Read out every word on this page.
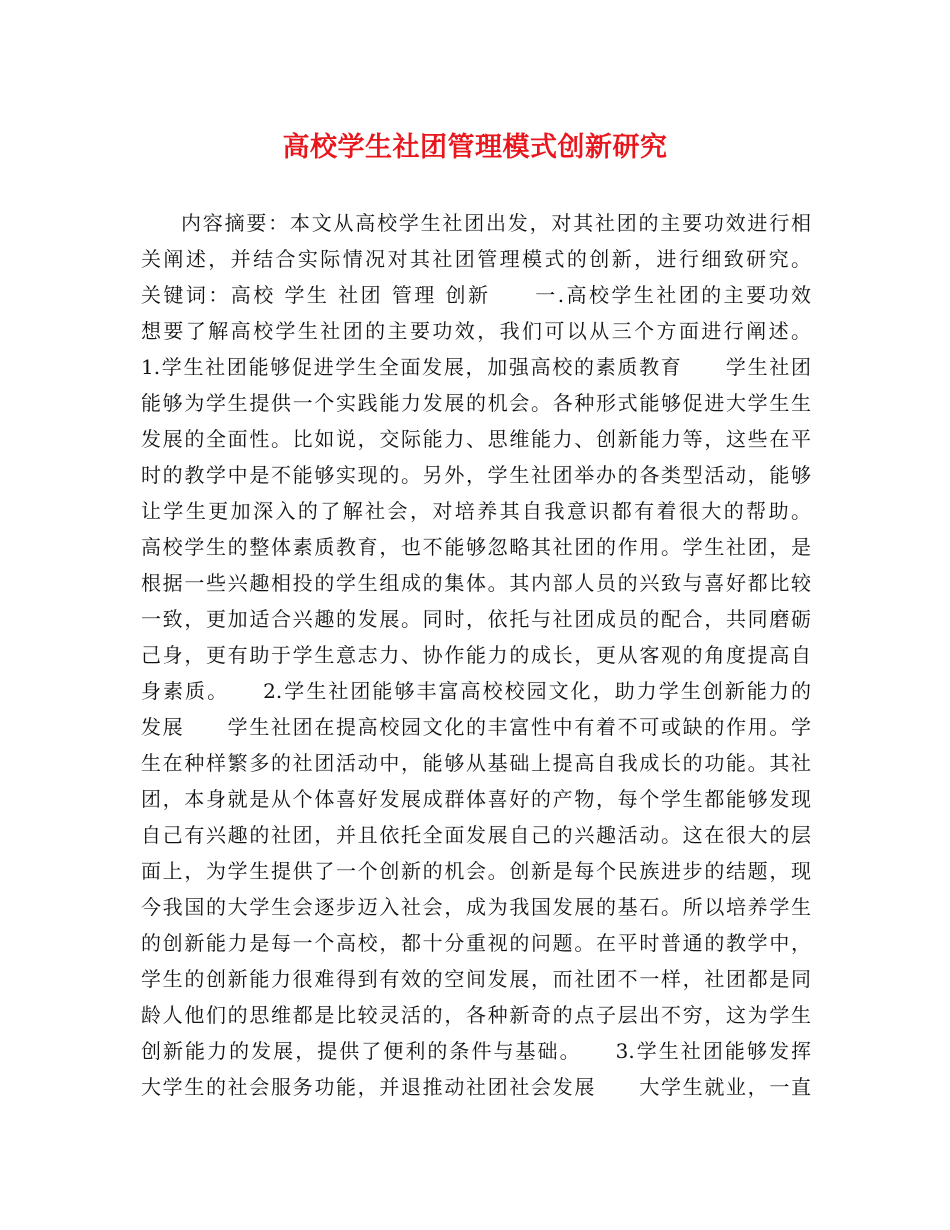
高校学生社团管理模式创新研究
内容摘要：本文从高校学生社团出发，对其社团的主要功效进行相
关阐述，并结合实际情况对其社团管理模式的创新，进行细致研究。
关键词：高校 学生 社团 管理 创新　　一.高校学生社团的主要功效
想要了解高校学生社团的主要功效，我们可以从三个方面进行阐述。
1.学生社团能够促进学生全面发展，加强高校的素质教育　　学生社团
能够为学生提供一个实践能力发展的机会。各种形式能够促进大学生生
发展的全面性。比如说，交际能力、思维能力、创新能力等，这些在平
时的教学中是不能够实现的。另外，学生社团举办的各类型活动，能够
让学生更加深入的了解社会，对培养其自我意识都有着很大的帮助。
高校学生的整体素质教育，也不能够忽略其社团的作用。学生社团，是
根据一些兴趣相投的学生组成的集体。其内部人员的兴致与喜好都比较
一致，更加适合兴趣的发展。同时，依托与社团成员的配合，共同磨砺
己身，更有助于学生意志力、协作能力的成长，更从客观的角度提高自
身素质。　　2.学生社团能够丰富高校校园文化，助力学生创新能力的
发展　　学生社团在提高校园文化的丰富性中有着不可或缺的作用。学
生在种样繁多的社团活动中，能够从基础上提高自我成长的功能。其社
团，本身就是从个体喜好发展成群体喜好的产物，每个学生都能够发现
自己有兴趣的社团，并且依托全面发展自己的兴趣活动。这在很大的层
面上，为学生提供了一个创新的机会。创新是每个民族进步的结题，现
今我国的大学生会逐步迈入社会，成为我国发展的基石。所以培养学生
的创新能力是每一个高校，都十分重视的问题。在平时普通的教学中，
学生的创新能力很难得到有效的空间发展，而社团不一样，社团都是同
龄人他们的思维都是比较灵活的，各种新奇的点子层出不穷，这为学生
创新能力的发展，提供了便利的条件与基础。　　3.学生社团能够发挥
大学生的社会服务功能，并退推动社团社会发展　　大学生就业，一直
